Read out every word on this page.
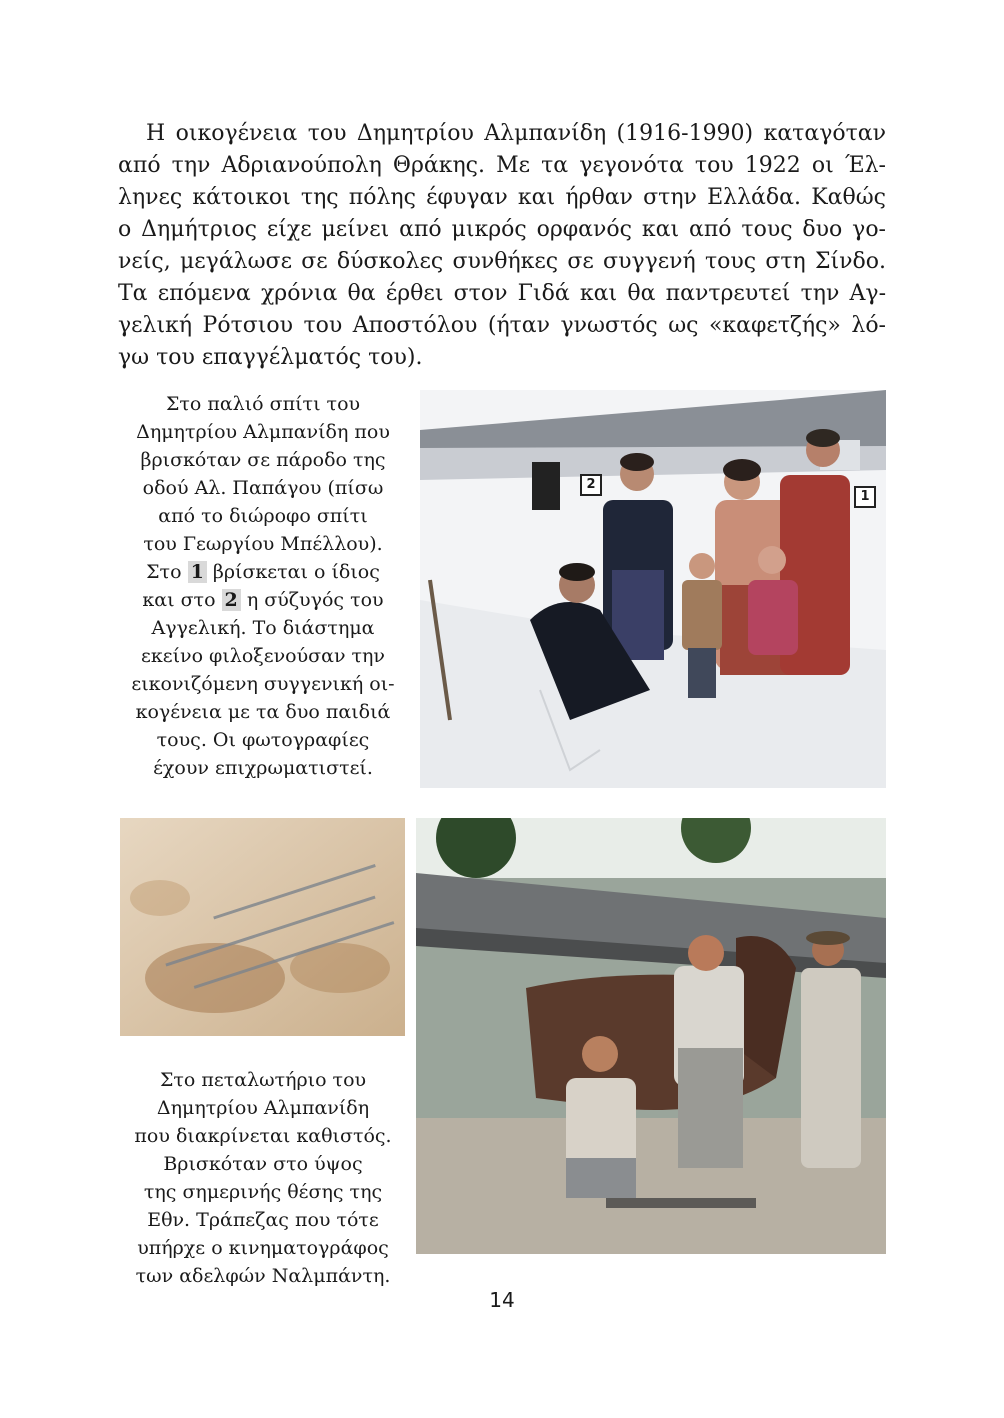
Η οικογένεια του Δημητρίου Αλμπανίδη (1916-1990) καταγόταν
από την Αδριανούπολη Θράκης. Με τα γεγονότα του 1922 οι Έλ-
ληνες κάτοικοι της πόλης έφυγαν και ήρθαν στην Ελλάδα. Καθώς
ο Δημήτριος είχε μείνει από μικρός ορφανός και από τους δυο γο-
νείς, μεγάλωσε σε δύσκολες συνθήκες σε συγγενή τους στη Σίνδο.
Τα επόμενα χρόνια θα έρθει στον Γιδά και θα παντρευτεί την Αγ-
γελική Ρότσιου του Αποστόλου (ήταν γνωστός ως «καφετζής» λό-
γω του επαγγέλματός του).
Στο παλιό σπίτι του
Δημητρίου Αλμπανίδη που
βρισκόταν σε πάροδο της
οδού Αλ. Παπάγου (πίσω
από το διώροφο σπίτι
του Γεωργίου Μπέλλου).
Στο 1 βρίσκεται ο ίδιος
και στο 2 η σύζυγός του
Αγγελική. Το διάστημα
εκείνο φιλοξενούσαν την
εικονιζόμενη συγγενική οι-
κογένεια με τα δυο παιδιά
τους. Οι φωτογραφίες
έχουν επιχρωματιστεί.
2
1
Στο πεταλωτήριο του
Δημητρίου Αλμπανίδη
που διακρίνεται καθιστός.
Βρισκόταν στο ύψος
της σημερινής θέσης της
Εθν. Τράπεζας που τότε
υπήρχε ο κινηματογράφος
των αδελφών Ναλμπάντη.
14
